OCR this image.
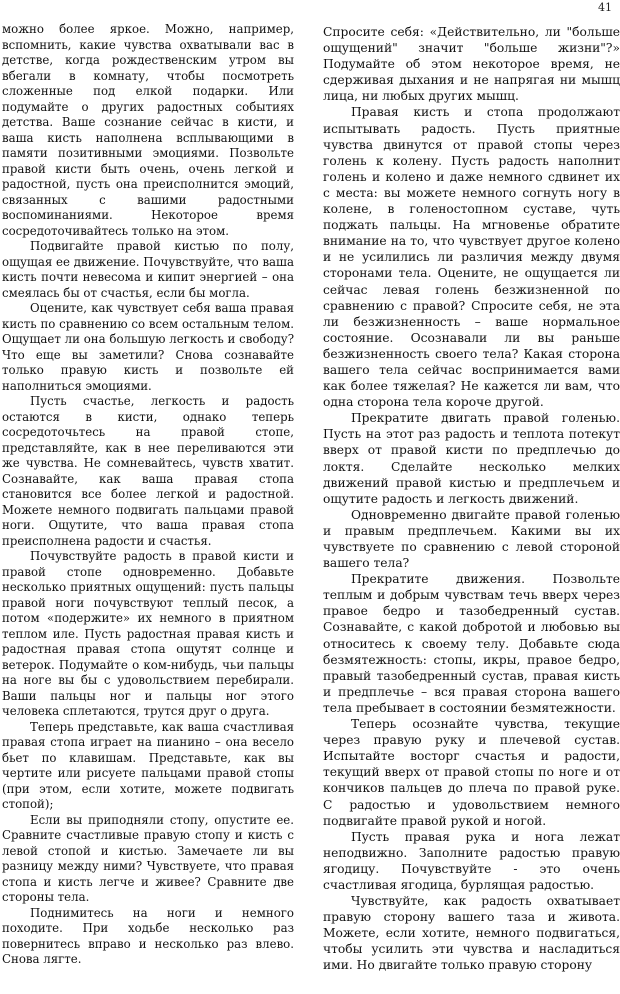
41

можно более яркое. Можно, например, вспомнить, какие чувства охватывали вас в детстве, когда рождественским утром вы вбегали в комнату, чтобы посмотреть сложенные под елкой подарки. Или подумайте о других радостных событиях детства. Ваше сознание сейчас в кисти, и ваша кисть наполнена всплывающими в памяти позитивными эмоциями. Позвольте правой кисти быть очень, очень легкой и радостной, пусть она преисполнится эмоций, связанных с вашими радостными воспоминаниями. Некоторое время сосредоточивайтесь только на этом.

Подвигайте правой кистью по полу, ощущая ее движение. Почувствуйте, что ваша кисть почти невесома и кипит энергией – она смеялась бы от счастья, если бы могла.

Оцените, как чувствует себя ваша правая кисть по сравнению со всем остальным телом. Ощущает ли она большую легкость и свободу? Что еще вы заметили? Снова сознавайте только правую кисть и позвольте ей наполниться эмоциями.

Пусть счастье, легкость и радость остаются в кисти, однако теперь сосредоточьтесь на правой стопе, представляйте, как в нее переливаются эти же чувства. Не сомневайтесь, чувств хватит. Сознавайте, как ваша правая стопа становится все более легкой и радостной. Можете немного подвигать пальцами правой ноги. Ощутите, что ваша правая стопа преисполнена радости и счастья.

Почувствуйте радость в правой кисти и правой стопе одновременно. Добавьте несколько приятных ощущений: пусть пальцы правой ноги почувствуют теплый песок, а потом «подержите» их немного в приятном теплом иле. Пусть радостная правая кисть и радостная правая стопа ощутят солнце и ветерок. Подумайте о ком-нибудь, чьи пальцы на ноге вы бы с удовольствием перебирали. Ваши пальцы ног и пальцы ног этого человека сплетаются, трутся друг о друга.

Теперь представьте, как ваша счастливая правая стопа играет на пианино – она весело бьет по клавишам. Представьте, как вы чертите или рисуете пальцами правой стопы (при этом, если хотите, можете подвигать стопой);

Если вы приподняли стопу, опустите ее. Сравните счастливые правую стопу и кисть с левой стопой и кистью. Замечаете ли вы разницу между ними? Чувствуете, что правая стопа и кисть легче и живее? Сравните две стороны тела.

Поднимитесь на ноги и немного походите. При ходьбе несколько раз повернитесь вправо и несколько раз влево. Снова лягте.

Спросите себя: «Действительно, ли "больше ощущений" значит "больше жизни"?» Подумайте об этом некоторое время, не сдерживая дыхания и не напрягая ни мышц лица, ни любых других мышц.

Правая кисть и стопа продолжают испытывать радость. Пусть приятные чувства двинутся от правой стопы через голень к колену. Пусть радость наполнит голень и колено и даже немного сдвинет их с места: вы можете немного согнуть ногу в колене, в голеностопном суставе, чуть поджать пальцы. На мгновенье обратите внимание на то, что чувствует другое колено и не усилились ли различия между двумя сторонами тела. Оцените, не ощущается ли сейчас левая голень безжизненной по сравнению с правой? Спросите себя, не эта ли безжизненность – ваше нормальное состояние. Осознавали ли вы раньше безжизненность своего тела? Какая сторона вашего тела сейчас воспринимается вами как более тяжелая? Не кажется ли вам, что одна сторона тела короче другой.

Прекратите двигать правой голенью. Пусть на этот раз радость и теплота потекут вверх от правой кисти по предплечью до локтя. Сделайте несколько мелких движений правой кистью и предплечьем и ощутите радость и легкость движений.

Одновременно двигайте правой голенью и правым предплечьем. Какими вы их чувствуете по сравнению с левой стороной вашего тела?

Прекратите движения. Позвольте теплым и добрым чувствам течь вверх через правое бедро и тазобедренный сустав. Сознавайте, с какой добротой и любовью вы относитесь к своему телу. Добавьте сюда безмятежность: стопы, икры, правое бедро, правый тазобедренный сустав, правая кисть и предплечье – вся правая сторона вашего тела пребывает в состоянии безмятежности.

Теперь осознайте чувства, текущие через правую руку и плечевой сустав. Испытайте восторг счастья и радости, текущий вверх от правой стопы по ноге и от кончиков пальцев до плеча по правой руке. С радостью и удовольствием немного подвигайте правой рукой и ногой.

Пусть правая рука и нога лежат неподвижно. Заполните радостью правую ягодицу. Почувствуйте - это очень счастливая ягодица, бурлящая радостью.

Чувствуйте, как радость охватывает правую сторону вашего таза и живота. Можете, если хотите, немного подвигаться, чтобы усилить эти чувства и насладиться ими. Но двигайте только правую сторону
